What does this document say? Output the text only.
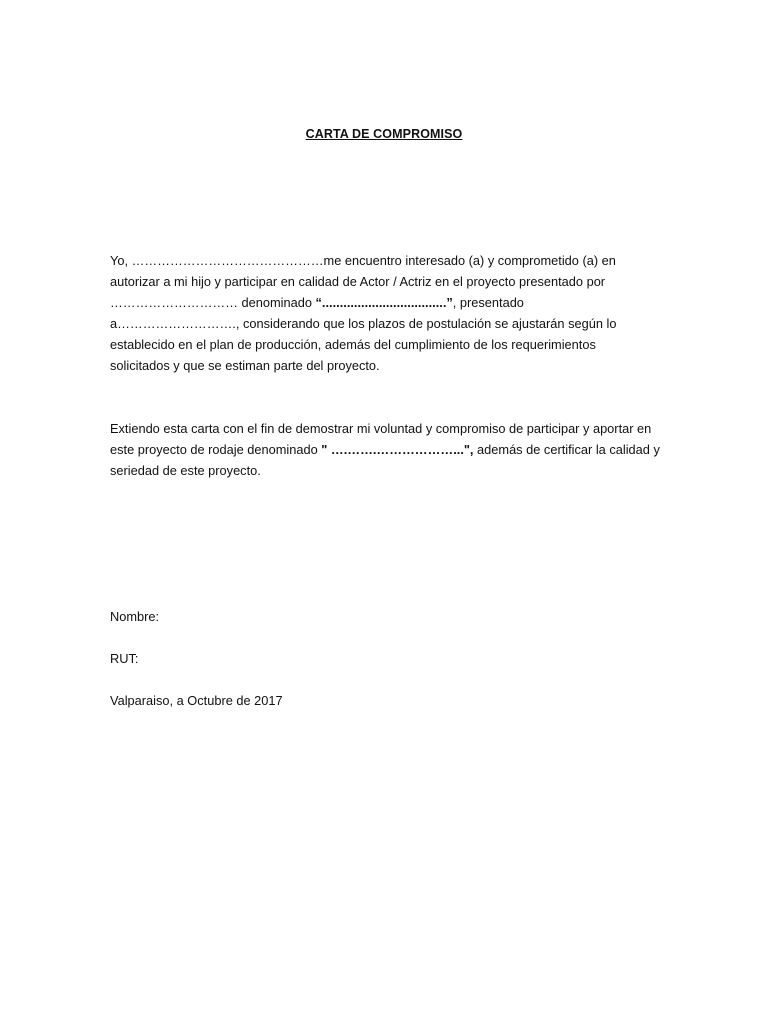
CARTA DE COMPROMISO
Yo, ………………………………………me encuentro interesado (a) y comprometido (a) en
autorizar a mi hijo y participar en calidad de Actor / Actriz en el proyecto presentado por
………………………… denominado “...................................”, presentado
a………………………., considerando que los plazos de postulación se ajustarán según lo
establecido en el plan de producción, además del cumplimiento de los requerimientos
solicitados y que se estiman parte del proyecto.
Extiendo esta carta con el fin de demostrar mi voluntad y compromiso de participar y aportar en
este proyecto de rodaje denominado " ….…….………………...", además de certificar la calidad y
seriedad de este proyecto.
Nombre:
RUT:
Valparaiso, a Octubre de 2017
